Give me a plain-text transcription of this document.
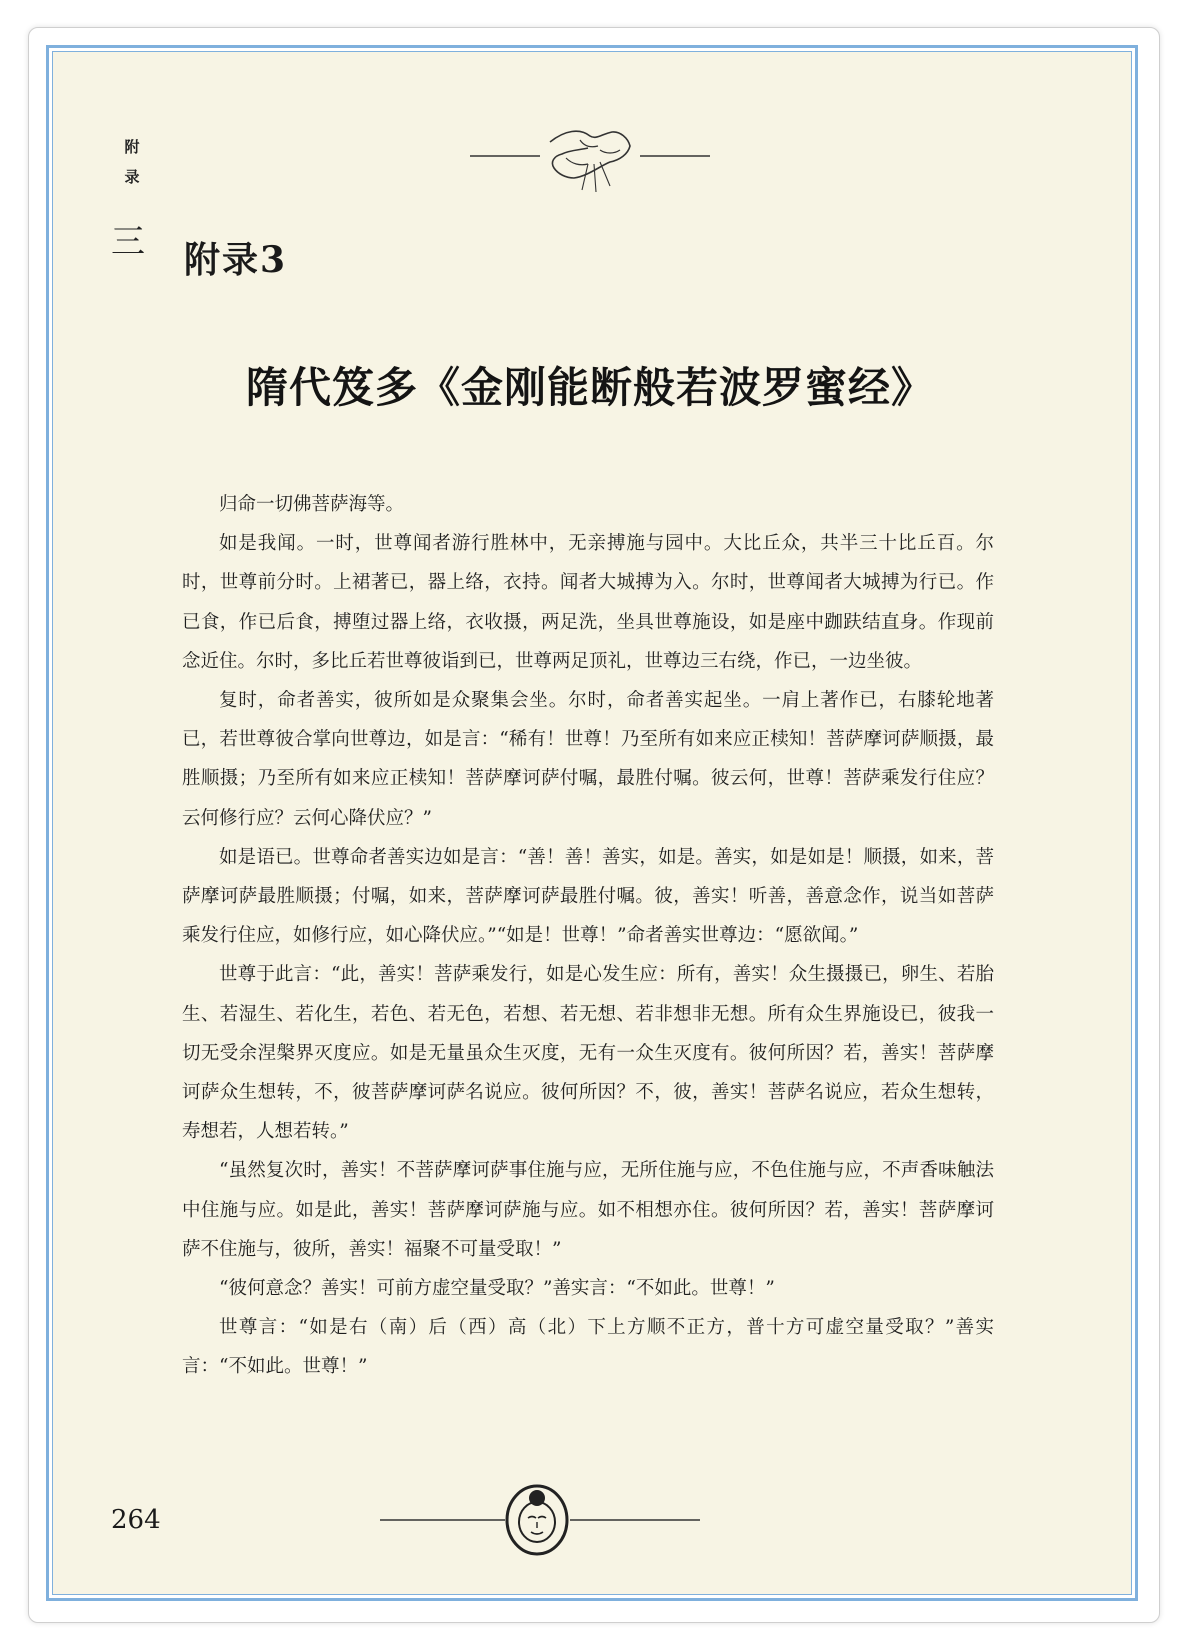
附
录
三 附录3
隋代笈多《金刚能断般若波罗蜜经》

归命一切佛菩萨海等。

如是我闻。一时，世尊闻者游行胜林中，无亲搏施与园中。大比丘众，共半三十比丘百。尔时，世尊前分时。上裙著已，器上络，衣持。闻者大城搏为入。尔时，世尊闻者大城搏为行已。作已食，作已后食，搏堕过器上络，衣收摄，两足洗，坐具世尊施设，如是座中跏趺结直身。作现前念近住。尔时，多比丘若世尊彼诣到已，世尊两足顶礼，世尊边三右绕，作已，一边坐彼。

复时，命者善实，彼所如是众聚集会坐。尔时，命者善实起坐。一肩上著作已，右膝轮地著已，若世尊彼合掌向世尊边，如是言：“稀有！世尊！乃至所有如来应正椟知！菩萨摩诃萨顺摄，最胜顺摄；乃至所有如来应正椟知！菩萨摩诃萨付嘱，最胜付嘱。彼云何，世尊！菩萨乘发行住应？云何修行应？云何心降伏应？”

如是语已。世尊命者善实边如是言：“善！善！善实，如是。善实，如是如是！顺摄，如来，菩萨摩诃萨最胜顺摄；付嘱，如来，菩萨摩诃萨最胜付嘱。彼，善实！听善，善意念作，说当如菩萨乘发行住应，如修行应，如心降伏应。”“如是！世尊！”命者善实世尊边：“愿欲闻。”

世尊于此言：“此，善实！菩萨乘发行，如是心发生应：所有，善实！众生摄摄已，卵生、若胎生、若湿生、若化生，若色、若无色，若想、若无想、若非想非无想。所有众生界施设已，彼我一切无受余涅槃界灭度应。如是无量虽众生灭度，无有一众生灭度有。彼何所因？若，善实！菩萨摩诃萨众生想转，不，彼菩萨摩诃萨名说应。彼何所因？不，彼，善实！菩萨名说应，若众生想转，寿想若，人想若转。”

“虽然复次时，善实！不菩萨摩诃萨事住施与应，无所住施与应，不色住施与应，不声香味触法中住施与应。如是此，善实！菩萨摩诃萨施与应。如不相想亦住。彼何所因？若，善实！菩萨摩诃萨不住施与，彼所，善实！福聚不可量受取！”

“彼何意念？善实！可前方虚空量受取？”善实言：“不如此。世尊！”

世尊言：“如是右（南）后（西）高（北）下上方顺不正方，普十方可虚空量受取？”善实言：“不如此。世尊！”

264
